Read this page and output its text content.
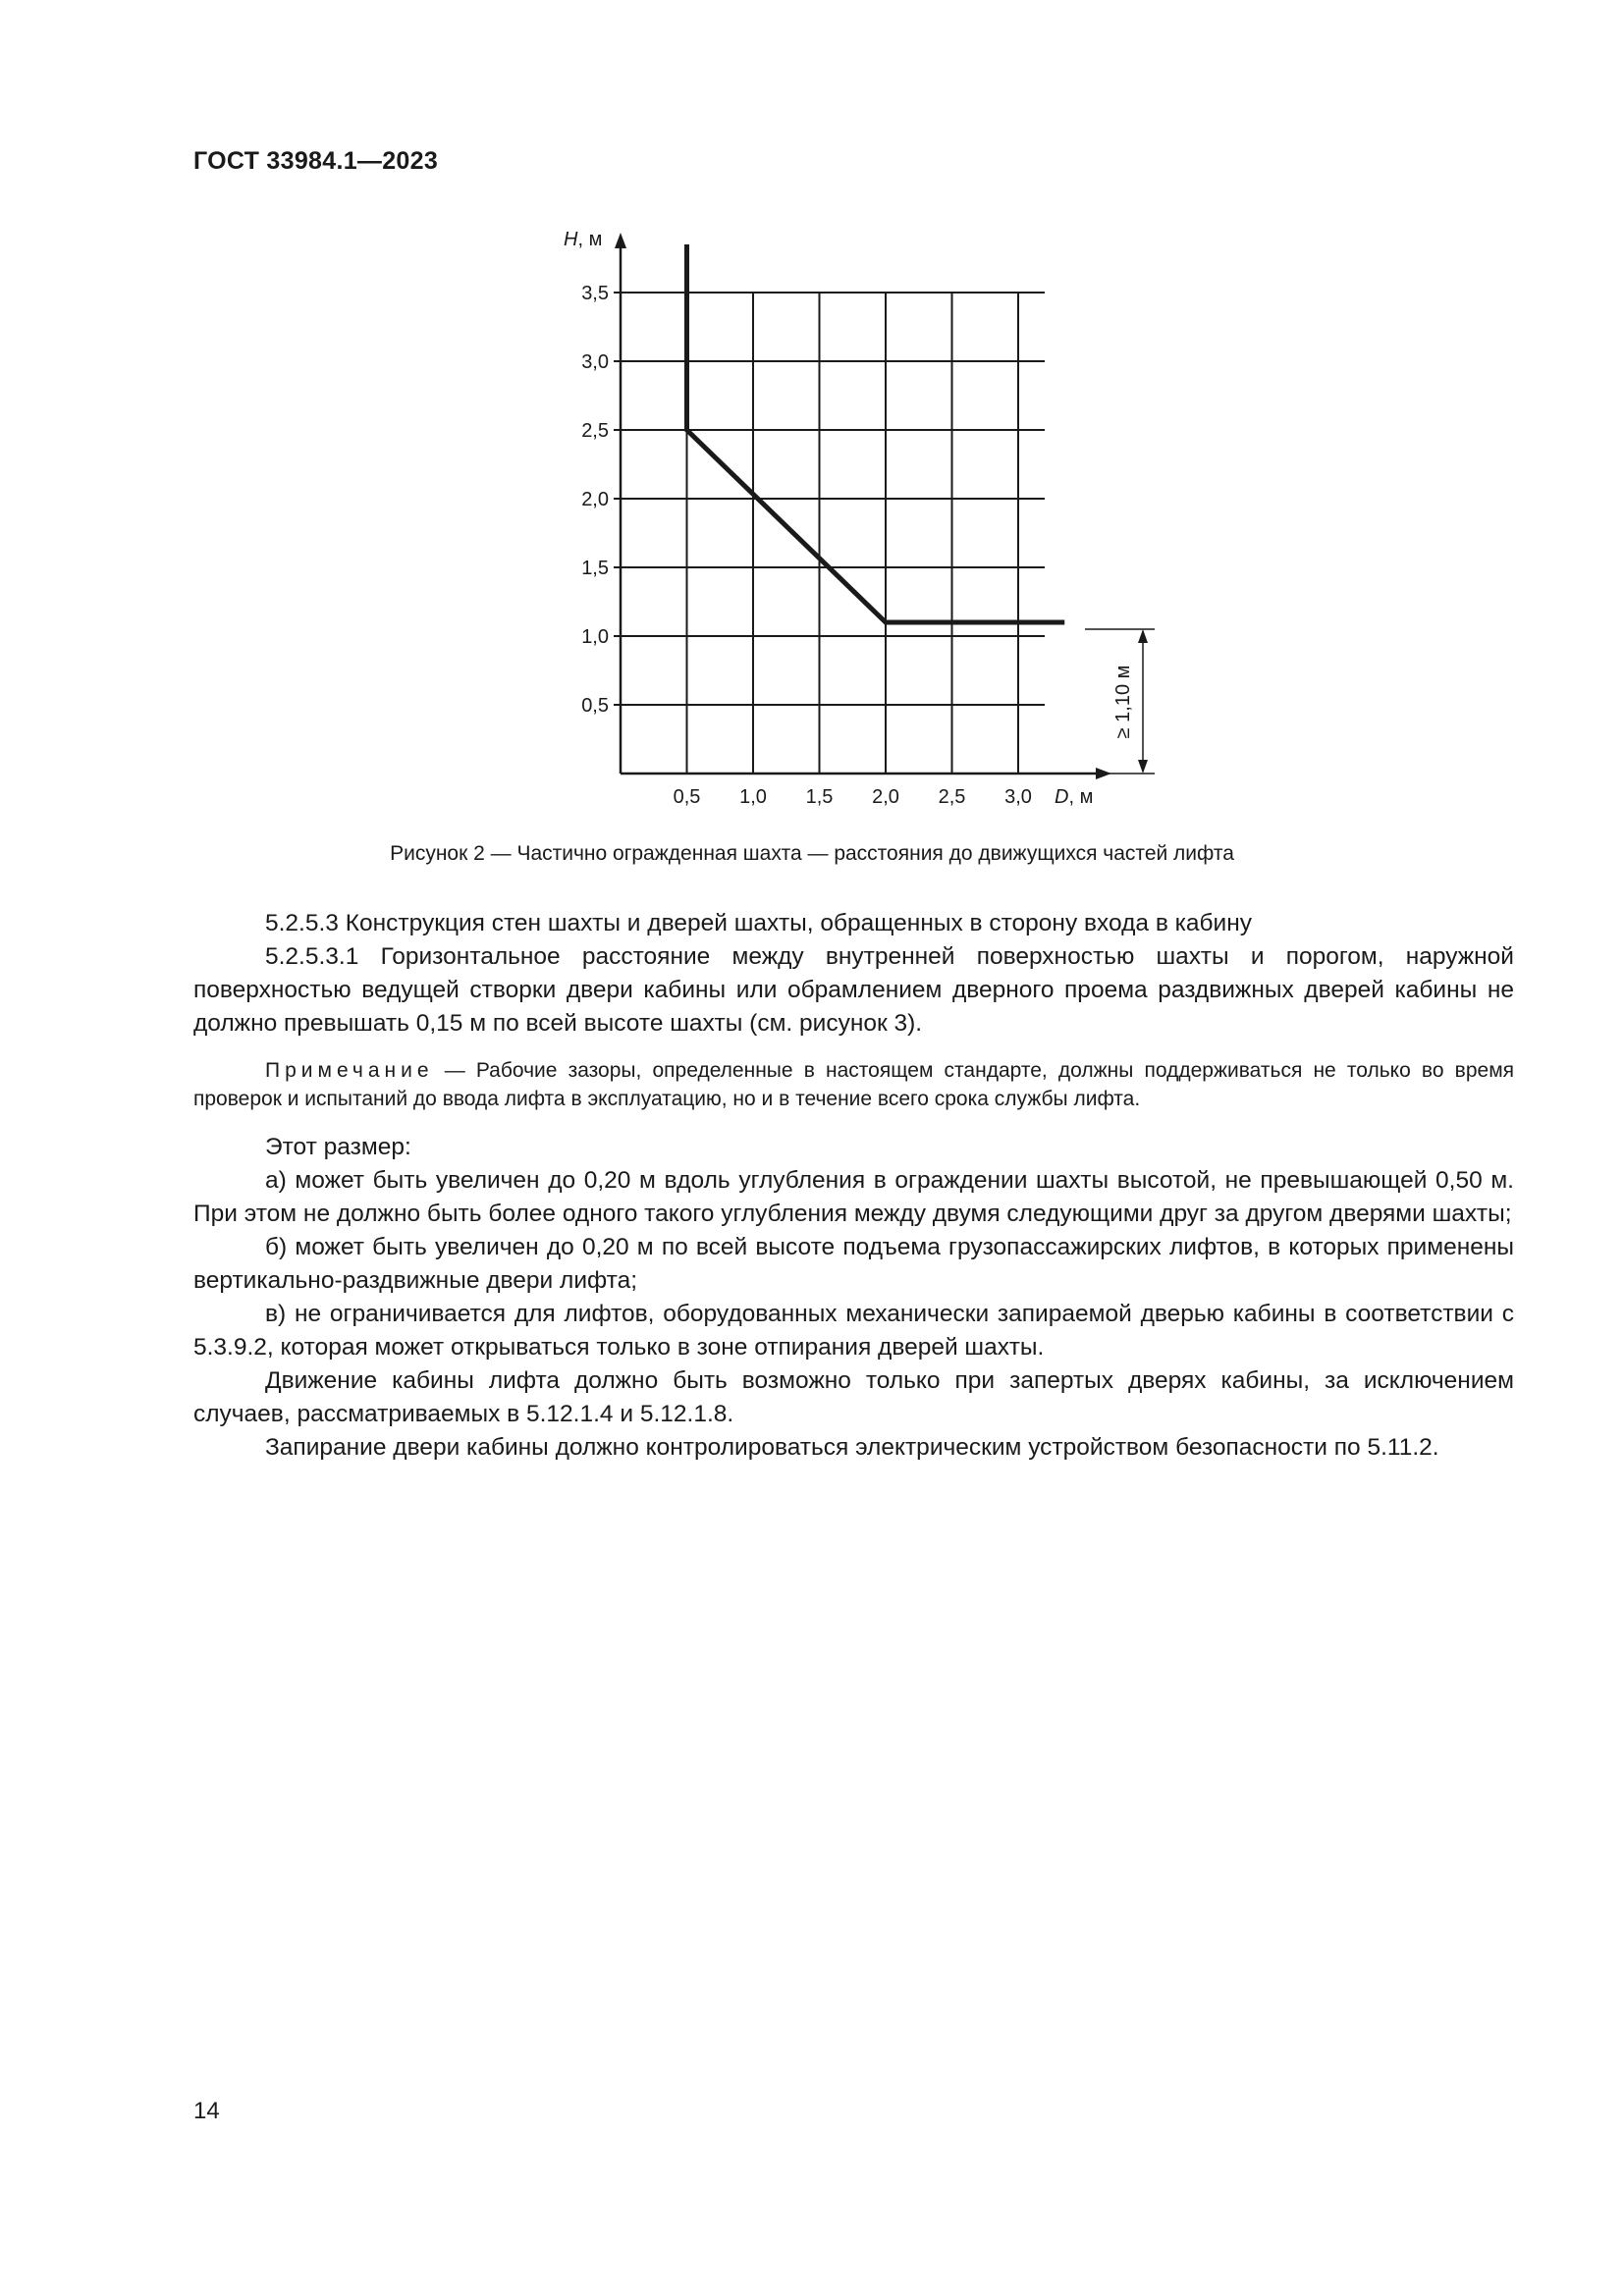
ГОСТ 33984.1—2023
0,5 1,0 1,5 2,0 2,5 3,0
0,5
1,0
1,5
2,0
2,5
3,0
3,5
D, м
≥ 1,10 м
H, м
Рисунок 2 — Частично огражденная шахта — расстояния до движущихся частей лифта

5.2.5.3 Конструкция стен шахты и дверей шахты, обращенных в сторону входа в кабину

5.2.5.3.1 Горизонтальное расстояние между внутренней поверхностью шахты и порогом, наружной поверхностью ведущей створки двери кабины или обрамлением дверного проема раздвижных дверей кабины не должно превышать 0,15 м по всей высоте шахты (см. рисунок 3).

Примечание — Рабочие зазоры, определенные в настоящем стандарте, должны поддерживаться не только во время проверок и испытаний до ввода лифта в эксплуатацию, но и в течение всего срока службы лифта.

Этот размер:

а) может быть увеличен до 0,20 м вдоль углубления в ограждении шахты высотой, не превышающей 0,50 м. При этом не должно быть более одного такого углубления между двумя следующими друг за другом дверями шахты;

б) может быть увеличен до 0,20 м по всей высоте подъема грузопассажирских лифтов, в которых применены вертикально-раздвижные двери лифта;

в) не ограничивается для лифтов, оборудованных механически запираемой дверью кабины в соответствии с 5.3.9.2, которая может открываться только в зоне отпирания дверей шахты.

Движение кабины лифта должно быть возможно только при запертых дверях кабины, за исключением случаев, рассматриваемых в 5.12.1.4 и 5.12.1.8.

Запирание двери кабины должно контролироваться электрическим устройством безопасности по 5.11.2.

14
